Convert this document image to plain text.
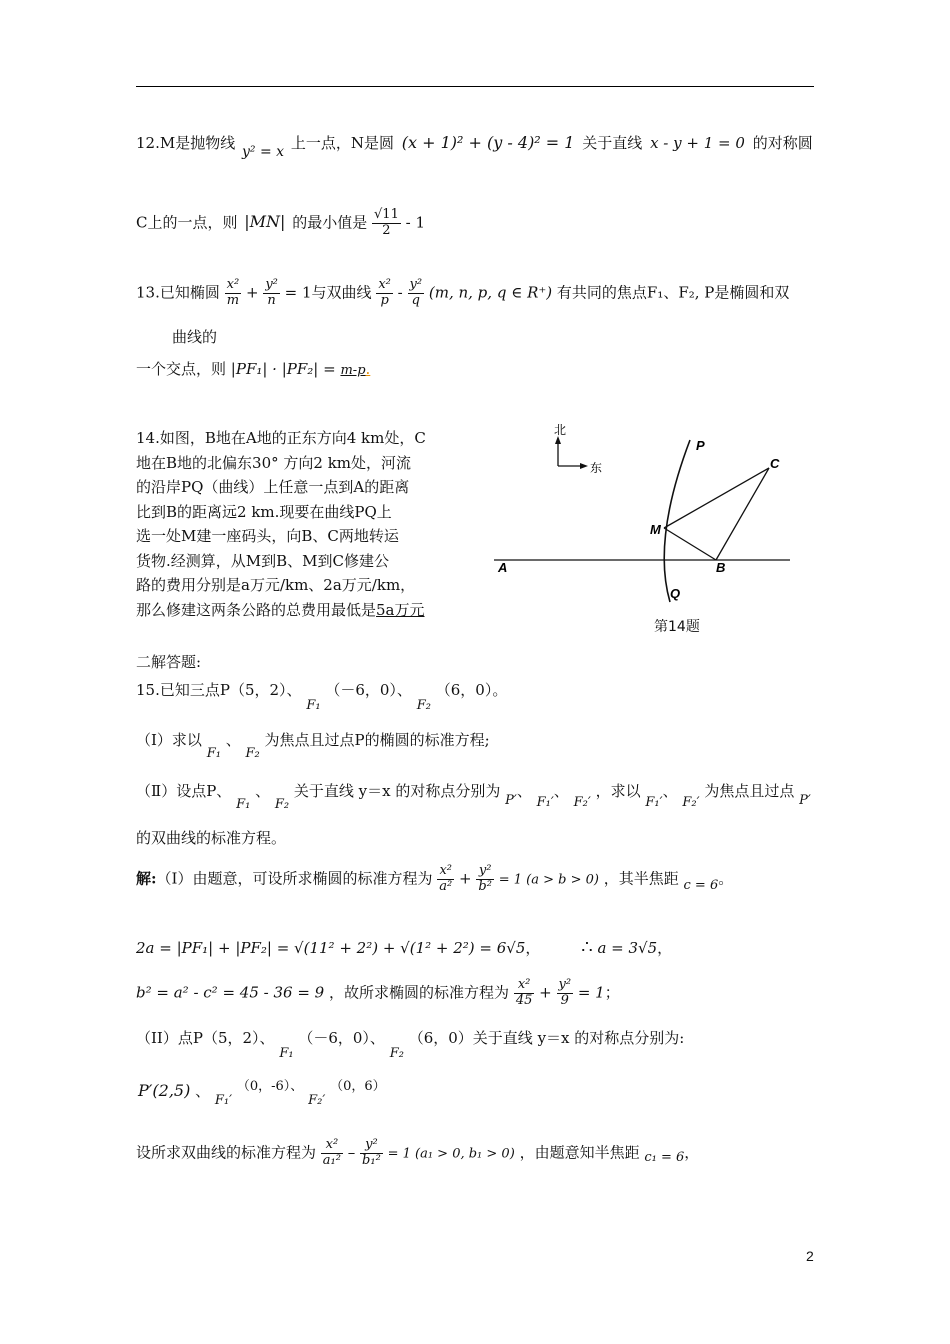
12.M是抛物线 y² = x 上一点，N是圆 (x + 1)² + (y - 4)² = 1 关于直线 x - y + 1 = 0 的对称圆
C上的一点，则 |MN| 的最小值是 $\frac{√11}{2} - 1$
13.已知椭圆 $\frac{\text{x²}}{m} + \frac{\text{y²}}{n} = 1$与双曲线 $\frac{\text{x²}}{p} - \frac{\text{y²}}{q} (m$, n, p, q ∈ R⁺) 有共同的焦点F₁、F₂, P是椭圆和双
曲线的
一个交点，则 |PF₁| · |PF₂| = m-p.
14.如图，B地在A地的正东方向4 km处，C
地在B地的北偏东30° 方向2 km处，河流
的沿岸PQ（曲线）上任意一点到A的距离
比到B的距离远2 km.现要在曲线PQ上
选一处M建一座码头，向B、C两地转运
货物.经测算，从M到B、M到C修建公
路的费用分别是a万元/km、2a万元/km，
那么修建这两条公路的总费用最低是5a万元
北
东
P
C
M
A	B
Q
第14题
二解答题:
15.已知三点P（5，2）、 F₁ （－6，0）、 F₂ （6，0）。
（Ⅰ）求以 F₁ 、 F₂ 为焦点且过点P的椭圆的标准方程;
（Ⅱ）设点P、 F₁ 、 F₂ 关于直线 y＝x 的对称点分别为 P′、 F₁′、 F₂′ ，求以 F₁′、 F₂′ 为焦点且过点 P′
的双曲线的标准方程。
解:（I）由题意，可设所求椭圆的标准方程为 $\frac{\text{x²}}{\text{a²}} + \frac{\text{y²}}{\text{b²}} = 1$ (a > b > 0) ，其半焦距 c = 6。
2a = |PF₁| + |PF₂| = √(11² + 2²) + √(1² + 2²) = 6√5， ∴ a = 3√5，
b² = a² - c² = 45 - 36 = 9 ，故所求椭圆的标准方程为 $\frac{\text{x²}}{45} + \frac{\text{y²}}{9} = 1$；
（II）点P（5，2）、 F₁ （－6，0）、 F₂ （6，0）关于直线 y＝x 的对称点分别为:
P′(2,5) 、 F₁′ （0，-6）、 F₂′ （0，6）
设所求双曲线的标准方程为 $\frac{\text{x²}}{\text{a₁²}} - \frac{\text{y²}}{\text{b₁²}} = 1$ (a₁ > 0, b₁ > 0) ，由题意知半焦距 c₁ = 6，
2
